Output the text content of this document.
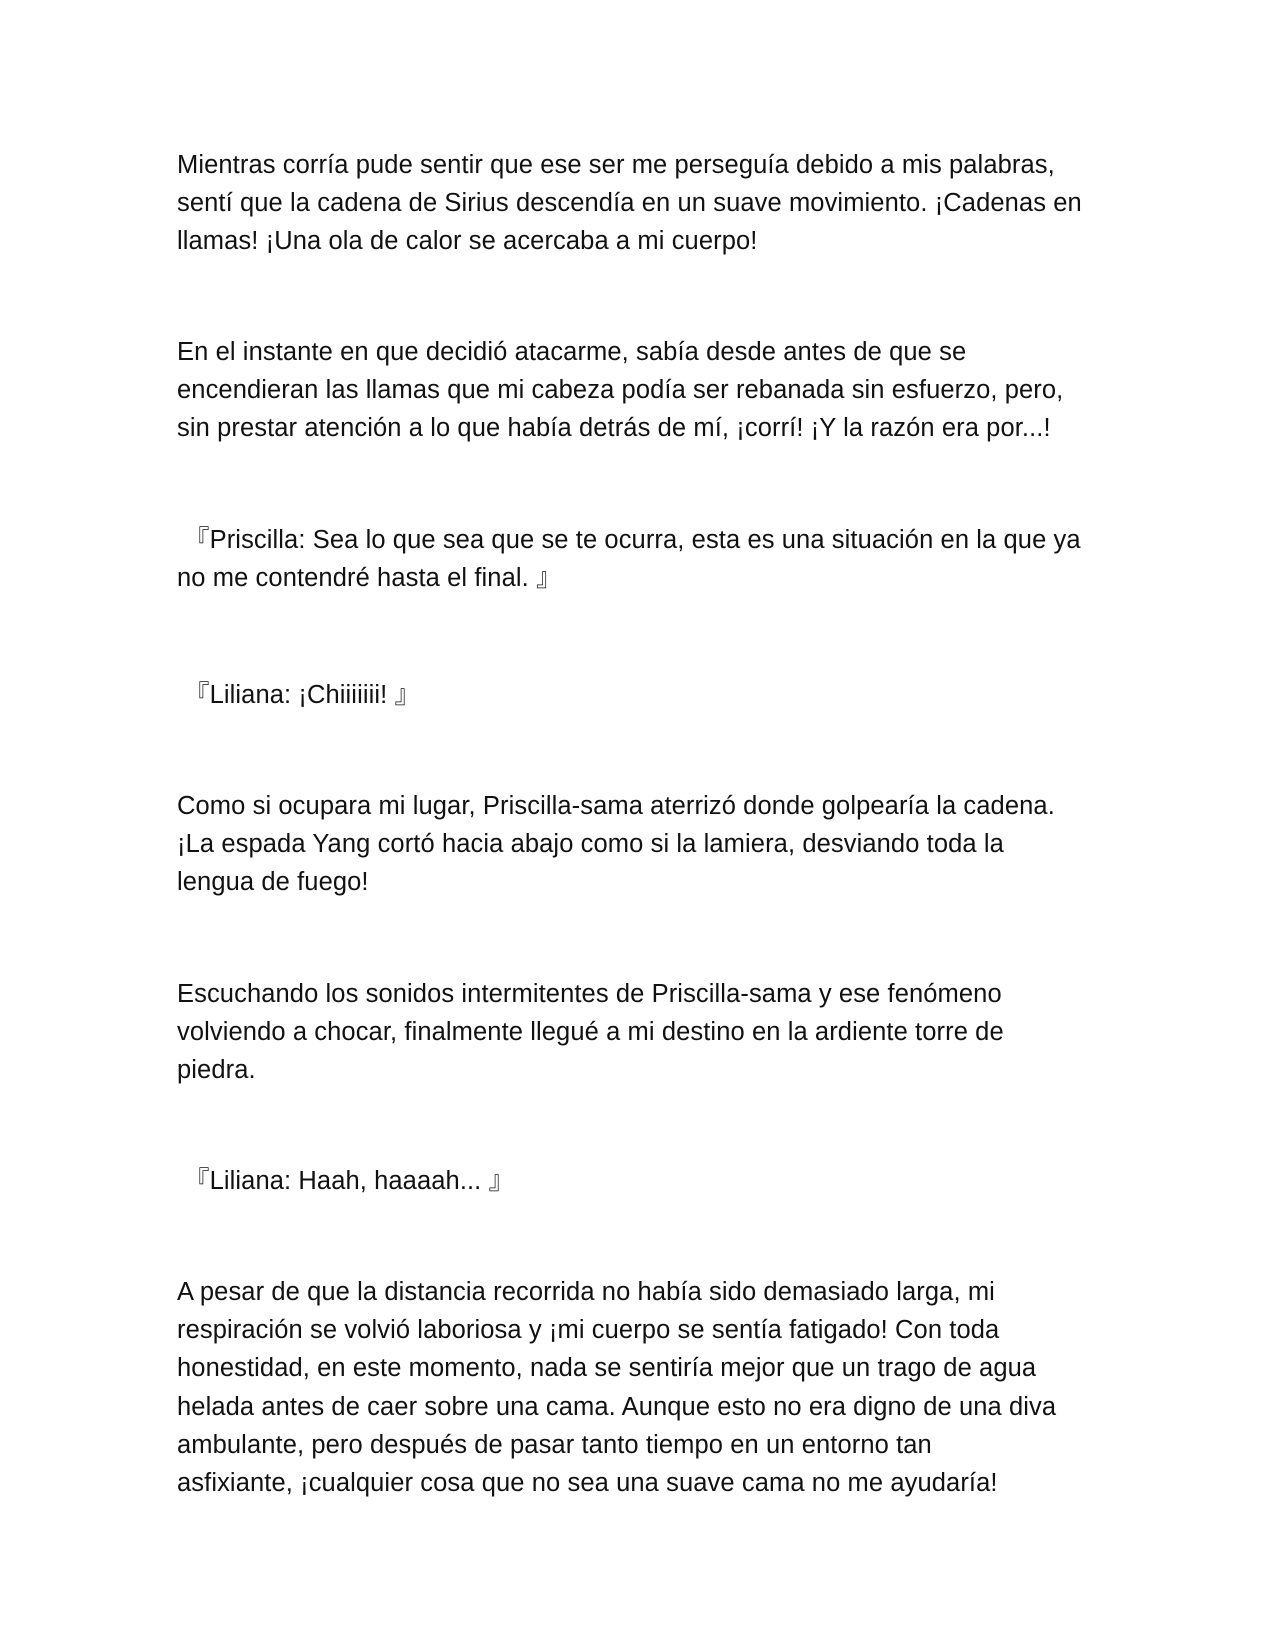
Mientras corría pude sentir que ese ser me perseguía debido a mis palabras,
sentí que la cadena de Sirius descendía en un suave movimiento. ¡Cadenas en
llamas! ¡Una ola de calor se acercaba a mi cuerpo!
En el instante en que decidió atacarme, sabía desde antes de que se
encendieran las llamas que mi cabeza podía ser rebanada sin esfuerzo, pero,
sin prestar atención a lo que había detrás de mí, ¡corrí! ¡Y la razón era por...!
『Priscilla: Sea lo que sea que se te ocurra, esta es una situación en la que ya
no me contendré hasta el final. 』
『Liliana: ¡Chiiiiiii! 』
Como si ocupara mi lugar, Priscilla-sama aterrizó donde golpearía la cadena.
¡La espada Yang cortó hacia abajo como si la lamiera, desviando toda la
lengua de fuego!
Escuchando los sonidos intermitentes de Priscilla-sama y ese fenómeno
volviendo a chocar, finalmente llegué a mi destino en la ardiente torre de
piedra.
『Liliana: Haah, haaaah... 』
A pesar de que la distancia recorrida no había sido demasiado larga, mi
respiración se volvió laboriosa y ¡mi cuerpo se sentía fatigado! Con toda
honestidad, en este momento, nada se sentiría mejor que un trago de agua
helada antes de caer sobre una cama. Aunque esto no era digno de una diva
ambulante, pero después de pasar tanto tiempo en un entorno tan
asfixiante, ¡cualquier cosa que no sea una suave cama no me ayudaría!
